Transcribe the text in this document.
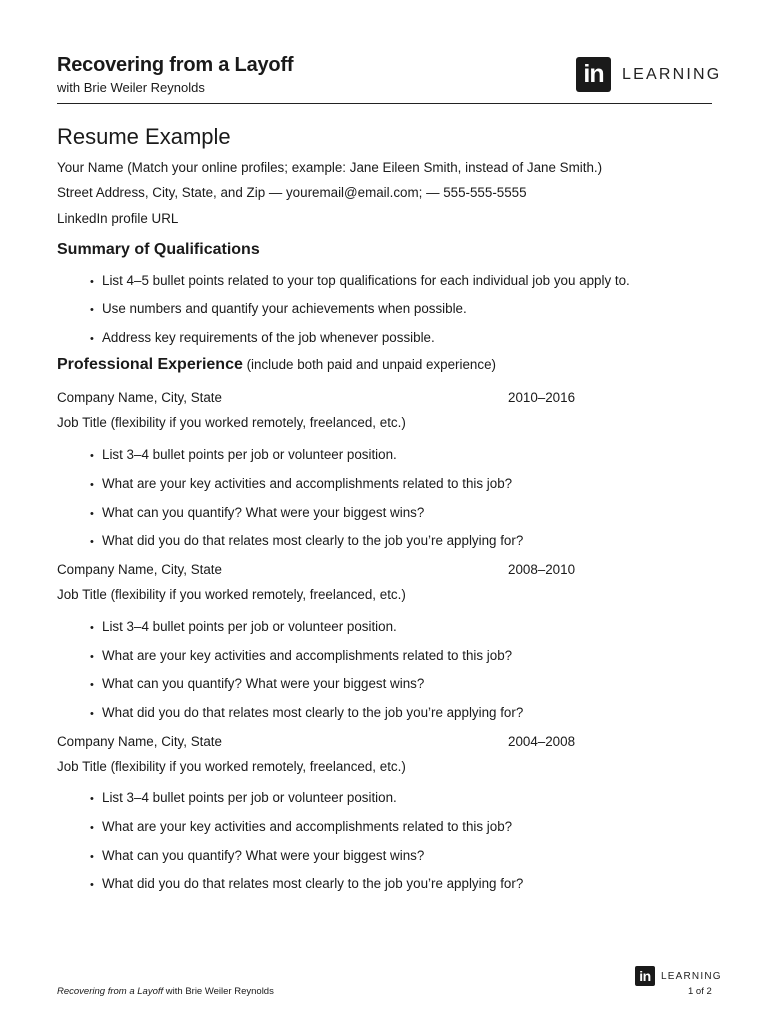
Recovering from a Layoff
with Brie Weiler Reynolds	in	LEARNING
Resume Example
Your Name (Match your online profiles; example: Jane Eileen Smith, instead of Jane Smith.)
Street Address, City, State, and Zip — youremail@email.com; — 555-555-5555
LinkedIn profile URL
Summary of Qualifications
• List 4–5 bullet points related to your top qualifications for each individual job you apply to.
• Use numbers and quantify your achievements when possible.
• Address key requirements of the job whenever possible.
Professional Experience (include both paid and unpaid experience)
Company Name, City, State	2010–2016
Job Title (flexibility if you worked remotely, freelanced, etc.)
• List 3–4 bullet points per job or volunteer position.
• What are your key activities and accomplishments related to this job?
• What can you quantify? What were your biggest wins?
• What did you do that relates most clearly to the job you’re applying for?
Company Name, City, State	2008–2010
Job Title (flexibility if you worked remotely, freelanced, etc.)
• List 3–4 bullet points per job or volunteer position.
• What are your key activities and accomplishments related to this job?
• What can you quantify? What were your biggest wins?
• What did you do that relates most clearly to the job you’re applying for?
Company Name, City, State	2004–2008
Job Title (flexibility if you worked remotely, freelanced, etc.)
• List 3–4 bullet points per job or volunteer position.
• What are your key activities and accomplishments related to this job?
• What can you quantify? What were your biggest wins?
• What did you do that relates most clearly to the job you’re applying for?
Recovering from a Layoff with Brie Weiler Reynolds
in	LEARNING
1 of 2
